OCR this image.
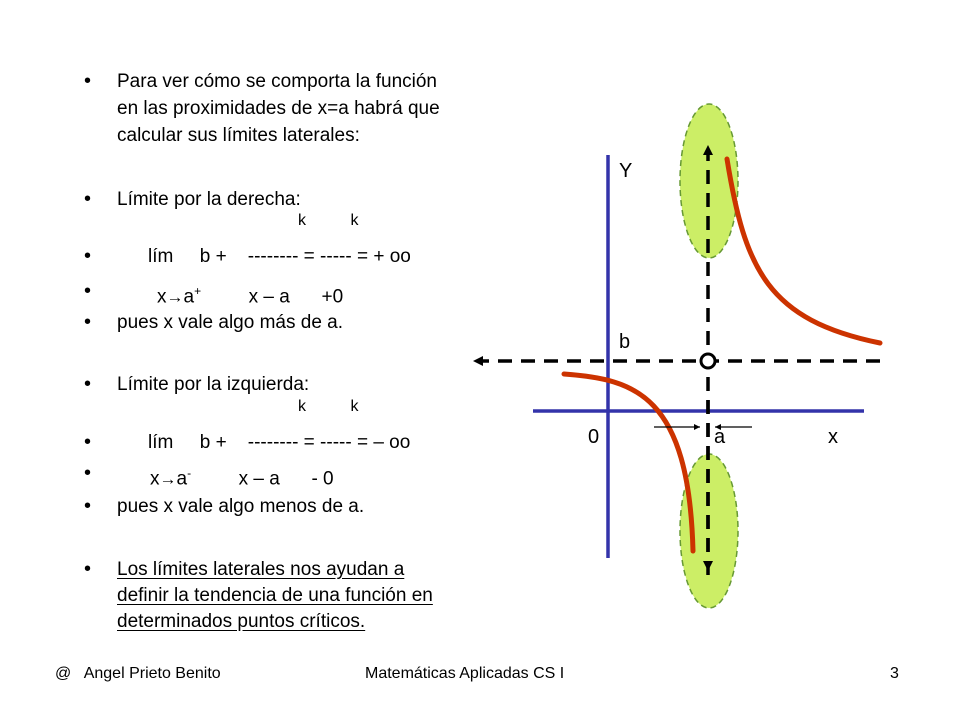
• Para ver cómo se comporta la función
en las proximidades de x=a habrá que
calcular sus límites laterales:
• Límite por la derecha:
k          k
•	lím     b +    -------- = ----- = + oo
•	x→a+         x – a      +0
• pues x vale algo más de a.
• Límite por la izquierda:
k          k
•	lím     b +    -------- = ----- = – oo
•	x→a-         x – a      - 0
• pues x vale algo menos de a.
• Los límites laterales nos ayudan a
definir la tendencia de una función en
determinados puntos críticos.
Y
x
0	a
b
@   Angel Prieto Benito	Matemáticas Aplicadas CS I	3
